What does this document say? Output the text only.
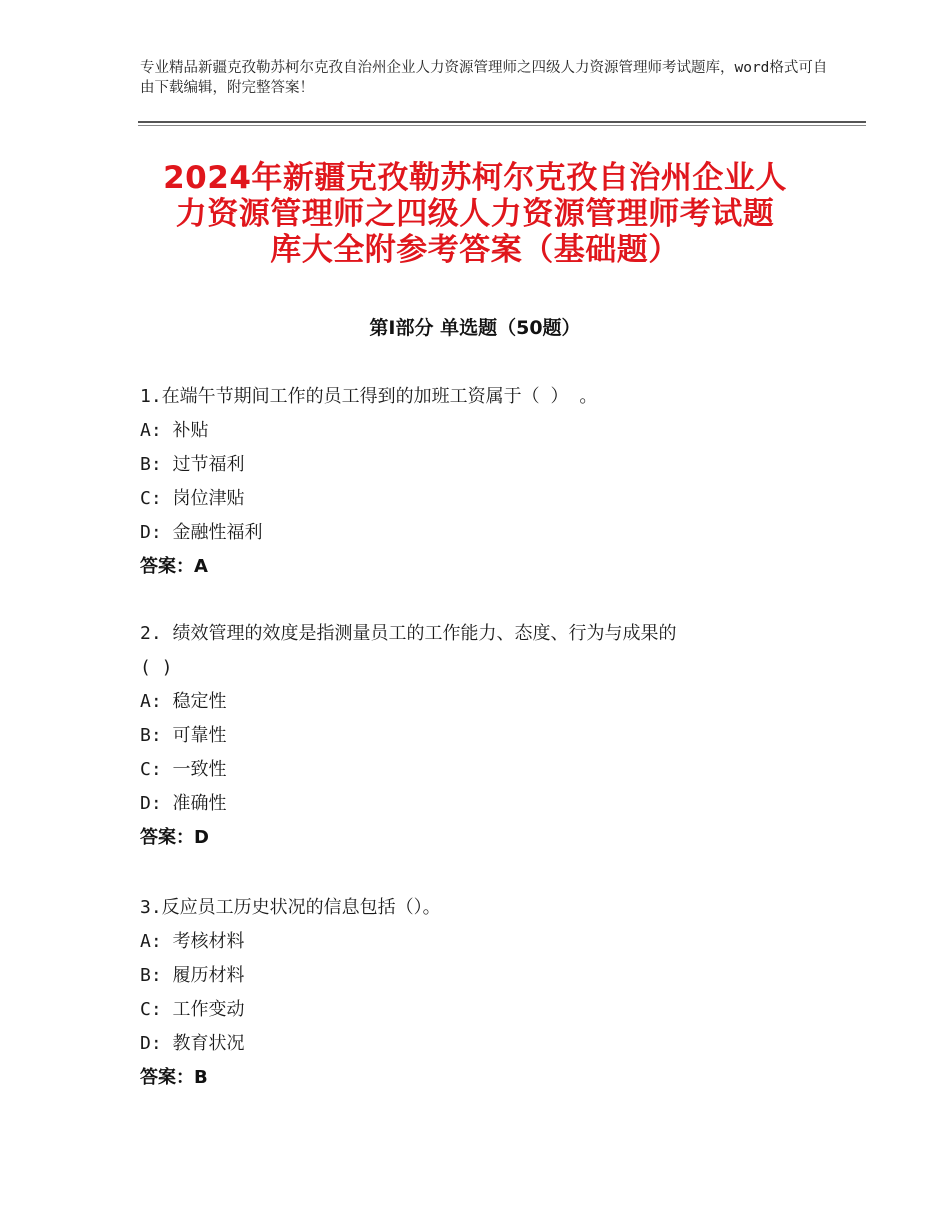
专业精品新疆克孜勒苏柯尔克孜自治州企业人力资源管理师之四级人力资源管理师考试题库，word格式可自由下载编辑，附完整答案！
2024年新疆克孜勒苏柯尔克孜自治州企业人
力资源管理师之四级人力资源管理师考试题
库大全附参考答案（基础题）
第Ⅰ部分 单选题（50题）

1.在端午节期间工作的员工得到的加班工资属于（ ） 。

A: 补贴

B: 过节福利

C: 岗位津贴

D: 金融性福利

答案：A

2. 绩效管理的效度是指测量员工的工作能力、态度、行为与成果的

( )

A: 稳定性

B: 可靠性

C: 一致性

D: 准确性

答案：D

3.反应员工历史状况的信息包括（）。

A: 考核材料

B: 履历材料

C: 工作变动

D: 教育状况

答案：B
